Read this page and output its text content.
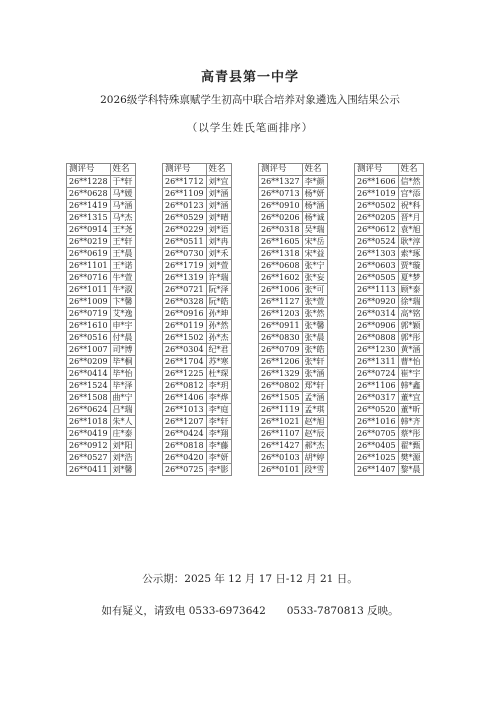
高青县第一中学
2026级学科特殊禀赋学生初高中联合培养对象遴选入围结果公示
（以学生姓氏笔画排序）
测评号	姓名
26**1228	于*轩
26**0628	马*媛
26**1419	马*涵
26**1315	马*杰
26**0914	王*尧
26**0219	王*轩
26**0619	王*晨
26**1101	王*诺
26**0716	牛*萱
26**1011	牛*淑
26**1009	卞*馨
26**0719	艾*逸
26**1610	申*宇
26**0516	付*晨
26**1007	司*博
26**0209	毕*桐
26**0414	毕*怡
26**1524	毕*泽
26**1508	曲*宁
26**0624	吕*瑞
26**1018	朱*人
26**0419	庄*泰
26**0912	刘*阳
26**0527	刘*浩
26**0411	刘*馨
测评号	姓名
26**1712	刘*宜
26**1109	刘*涵
26**0123	刘*涵
26**0529	刘*晴
26**0229	刘*语
26**0511	刘*冉
26**0730	刘*禾
26**1719	刘*萱
26**1319	许*瑞
26**0721	阮*泽
26**0328	阮*皓
26**0916	孙*坤
26**0119	孙*然
26**1502	孙*杰
26**0304	纪*君
26**1704	苏*寒
26**1225	杜*琛
26**0812	李*玥
26**1406	李*烨
26**1013	李*庭
26**1207	李*轩
26**0424	李*翔
26**0818	李*藤
26**0420	李*妍
26**0725	李*影
测评号	姓名
26**1327	李*颜
26**0713	杨*妍
26**0910	杨*涵
26**0206	杨*诚
26**0318	吴*瑞
26**1605	宋*岳
26**1318	宋*益
26**0608	张*宁
26**1602	张*妄
26**1006	张*可
26**1127	张*萱
26**1203	张*然
26**0911	张*馨
26**0830	张*晨
26**0709	张*皓
26**1206	张*轩
26**1329	张*涵
26**0802	郑*轩
26**1505	孟*涵
26**1119	孟*琪
26**1021	赵*旭
26**1107	赵*辰
26**1427	郝*杰
26**0103	胡*婷
26**0101	段*雪
测评号	姓名
26**1606	信*然
26**1019	宫*添
26**0502	祝*科
26**0205	晋*月
26**0612	袁*旭
26**0524	耿*淳
26**1303	索*琢
26**0603	贾*璇
26**0505	夏*梦
26**1113	顾*泰
26**0920	徐*瑞
26**0314	高*铭
26**0906	郭*颖
26**0808	郭*彤
26**1230	黄*涵
26**1311	曹*怡
26**0724	崔*宇
26**1106	韩*鑫
26**0317	董*宜
26**0520	董*昕
26**1016	韩*齐
26**0705	蔡*彤
26**0405	翟*甄
26**1025	樊*源
26**1407	黎*晨
公示期：2025 年 12 月 17 日-12 月 21 日。
如有疑义，请致电 0533-6973642　　0533-7870813 反映。
